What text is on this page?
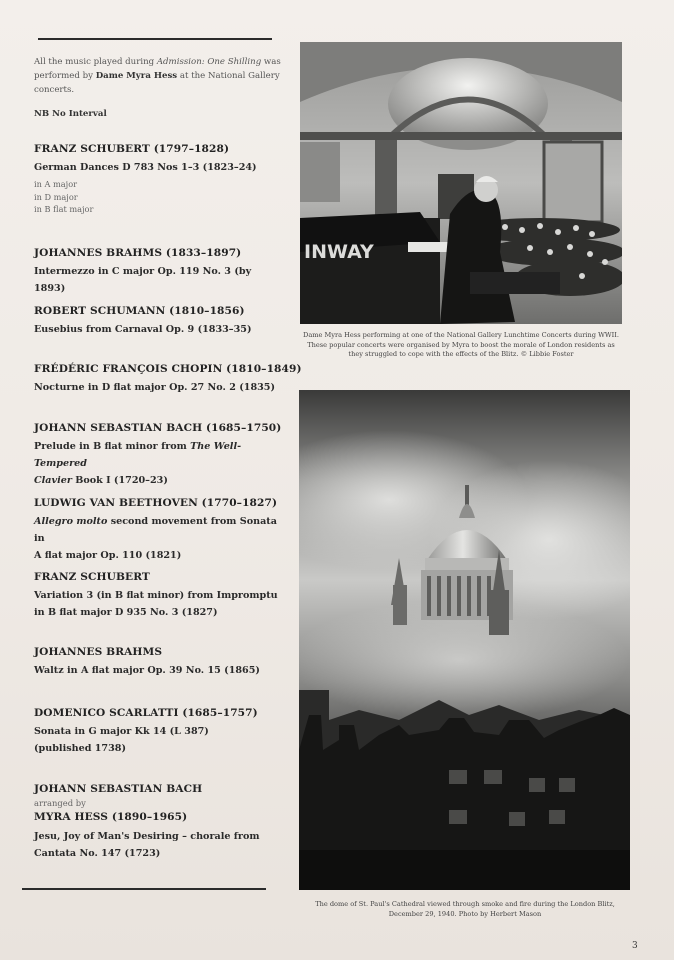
All the music played during Admission: One Shilling was performed by Dame Myra Hess at the National Gallery concerts.
NB No Interval
FRANZ SCHUBERT (1797–1828)
German Dances D 783 Nos 1–3 (1823–24)
in A major
in D major
in B flat major
JOHANNES BRAHMS (1833–1897)
Intermezzo in C major Op. 119 No. 3 (by 1893)
ROBERT SCHUMANN (1810–1856)
Eusebius from Carnaval Op. 9 (1833–35)
FRÉDÉRIC FRANÇOIS CHOPIN (1810–1849)
Nocturne in D flat major Op. 27 No. 2 (1835)
JOHANN SEBASTIAN BACH (1685–1750)
Prelude in B flat minor from The Well-Tempered
Clavier Book I (1720–23)
LUDWIG VAN BEETHOVEN (1770–1827)
Allegro molto second movement from Sonata in
A flat major Op. 110 (1821)
FRANZ SCHUBERT
Variation 3 (in B flat minor) from Impromptu
in B flat major D 935 No. 3 (1827)
JOHANNES BRAHMS
Waltz in A flat major Op. 39 No. 15 (1865)
DOMENICO SCARLATTI (1685–1757)
Sonata in G major Kk 14 (L 387)
(published 1738)
JOHANN SEBASTIAN BACH
arranged by
MYRA HESS (1890–1965)
Jesu, Joy of Man's Desiring – chorale from
Cantata No. 147 (1723)
INWAY
Dame Myra Hess performing at one of the National Gallery Lunchtime Concerts during WWII.
These popular concerts were organised by Myra to boost the morale of London residents as
they struggled to cope with the effects of the Blitz. © Libbie Foster
The dome of St. Paul's Cathedral viewed through smoke and fire during the London Blitz,
December 29, 1940. Photo by Herbert Mason
3
